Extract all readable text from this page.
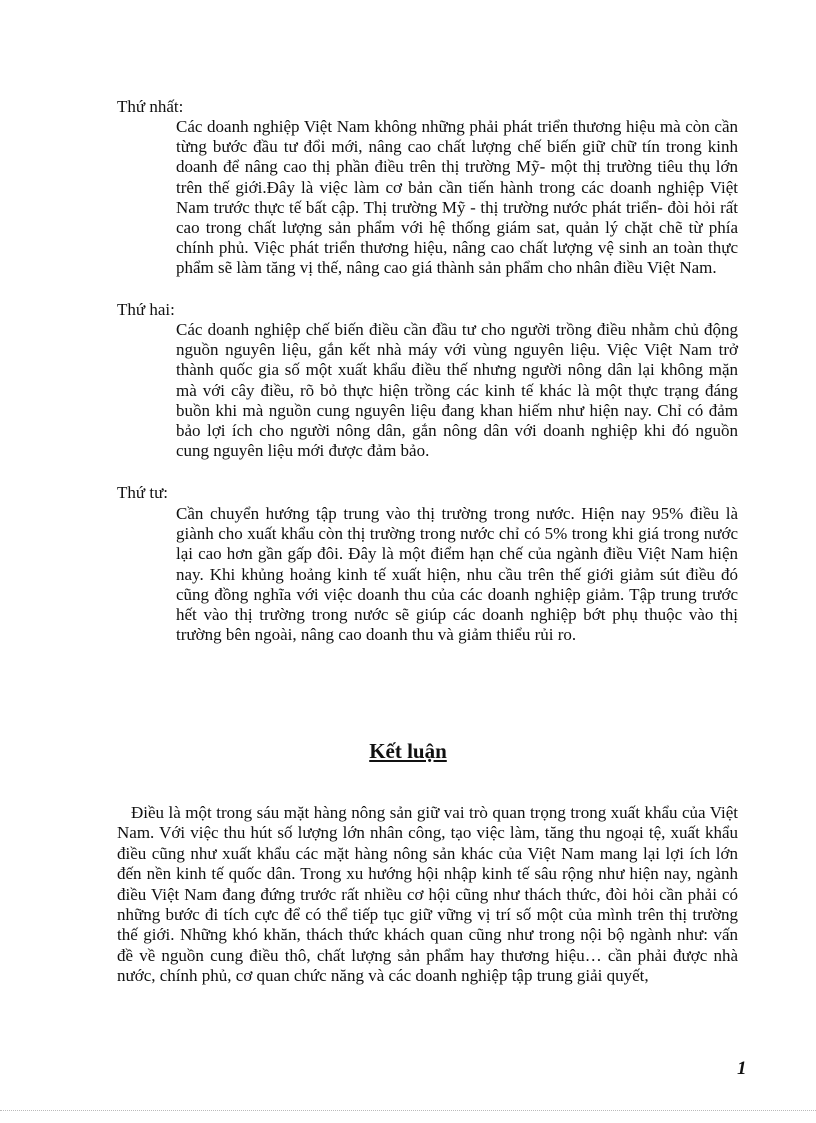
Thứ nhất:

Các doanh nghiệp Việt Nam không những phải phát triển thương hiệu mà còn cần từng bước đầu tư đổi mới, nâng cao chất lượng chế biến giữ chữ tín trong kinh doanh để nâng cao thị phần điều trên thị trường Mỹ- một thị trường tiêu thụ lớn trên thế giới.Đây là việc làm cơ bản cần tiến hành trong các doanh nghiệp Việt Nam trước thực tế bất cập. Thị trường Mỹ - thị trường nước phát triển- đòi hỏi rất cao trong chất lượng sản phẩm với hệ thống giám sat, quản lý chặt chẽ từ phía chính phủ. Việc phát triển thương hiệu, nâng cao chất lượng vệ sinh an toàn thực phẩm sẽ làm tăng vị thế, nâng cao giá thành sản phẩm cho nhân điều Việt Nam.

Thứ hai:

Các doanh nghiệp chế biến điều cần đầu tư cho người trồng điều nhằm chủ động nguồn nguyên liệu, gắn kết nhà máy với vùng nguyên liệu. Việc Việt Nam trở thành quốc gia số một xuất khẩu điều thế nhưng người nông dân lại không mặn mà với cây điều, rõ bỏ thực hiện trồng các kinh tế khác là một thực trạng đáng buồn khi mà nguồn cung nguyên liệu đang khan hiếm như hiện nay. Chỉ có đảm bảo lợi ích cho người nông dân, gắn nông dân với doanh nghiệp khi đó nguồn cung nguyên liệu mới được đảm bảo.

Thứ tư:

Cần chuyển hướng tập trung vào thị trường trong nước. Hiện nay 95% điều là giành cho xuất khẩu còn thị trường trong nước chỉ có 5% trong khi giá trong nước lại cao hơn gần gấp đôi. Đây là một điểm hạn chế của ngành điều Việt Nam hiện nay. Khi khủng hoảng kinh tế xuất hiện, nhu cầu trên thế giới giảm sút điều đó cũng đồng nghĩa với việc doanh thu của các doanh nghiệp giảm. Tập trung trước hết vào thị trường trong nước sẽ giúp các doanh nghiệp bớt phụ thuộc vào thị trường bên ngoài, nâng cao doanh thu và giảm thiểu rủi ro.

Kết luận

Điều là một trong sáu mặt hàng nông sản giữ vai trò quan trọng trong xuất khẩu của Việt Nam. Với việc thu hút số lượng lớn nhân công, tạo việc làm, tăng thu ngoại tệ, xuất khẩu điều cũng như xuất khẩu các mặt hàng nông sản khác của Việt Nam mang lại lợi ích lớn đến nền kinh tế quốc dân. Trong xu hướng hội nhập kinh tế sâu rộng như hiện nay, ngành điều Việt Nam đang đứng trước rất nhiều cơ hội cũng như thách thức, đòi hỏi cần phải có những bước đi tích cực để có thể tiếp tục giữ vững vị trí số một của mình trên thị trường thế giới. Những khó khăn, thách thức khách quan cũng như trong nội bộ ngành như: vấn đề về nguồn cung điều thô, chất lượng sản phẩm hay thương hiệu… cần phải được nhà nước, chính phủ, cơ quan chức năng và các doanh nghiệp tập trung giải quyết,

1
